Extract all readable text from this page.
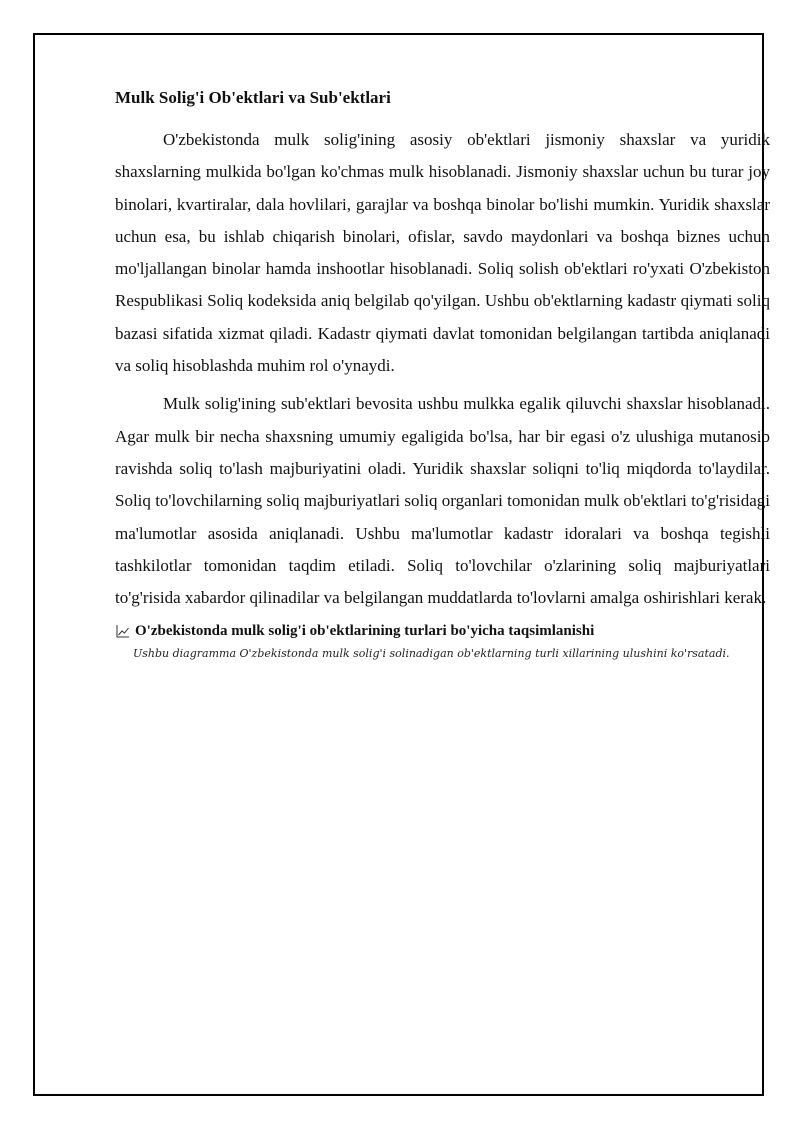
Mulk Solig'i Ob'ektlari va Sub'ektlari

O'zbekistonda mulk solig'ining asosiy ob'ektlari jismoniy shaxslar va yuridik shaxslarning mulkida bo'lgan ko'chmas mulk hisoblanadi. Jismoniy shaxslar uchun bu turar joy binolari, kvartiralar, dala hovlilari, garajlar va boshqa binolar bo'lishi mumkin. Yuridik shaxslar uchun esa, bu ishlab chiqarish binolari, ofislar, savdo maydonlari va boshqa biznes uchun mo'ljallangan binolar hamda inshootlar hisoblanadi. Soliq solish ob'ektlari ro'yxati O'zbekiston Respublikasi Soliq kodeksida aniq belgilab qo'yilgan. Ushbu ob'ektlarning kadastr qiymati soliq bazasi sifatida xizmat qiladi. Kadastr qiymati davlat tomonidan belgilangan tartibda aniqlanadi va soliq hisoblashda muhim rol o'ynaydi.

Mulk solig'ining sub'ektlari bevosita ushbu mulkka egalik qiluvchi shaxslar hisoblanadi. Agar mulk bir necha shaxsning umumiy egaligida bo'lsa, har bir egasi o'z ulushiga mutanosib ravishda soliq to'lash majburiyatini oladi. Yuridik shaxslar soliqni to'liq miqdorda to'laydilar. Soliq to'lovchilarning soliq majburiyatlari soliq organlari tomonidan mulk ob'ektlari to'g'risidagi ma'lumotlar asosida aniqlanadi. Ushbu ma'lumotlar kadastr idoralari va boshqa tegishli tashkilotlar tomonidan taqdim etiladi. Soliq to'lovchilar o'zlarining soliq majburiyatlari to'g'risida xabardor qilinadilar va belgilangan muddatlarda to'lovlarni amalga oshirishlari kerak.

O'zbekistonda mulk solig'i ob'ektlarining turlari bo'yicha taqsimlanishi
Ushbu diagramma O'zbekistonda mulk solig'i solinadigan ob'ektlarning turli xillarining ulushini ko'rsatadi.
